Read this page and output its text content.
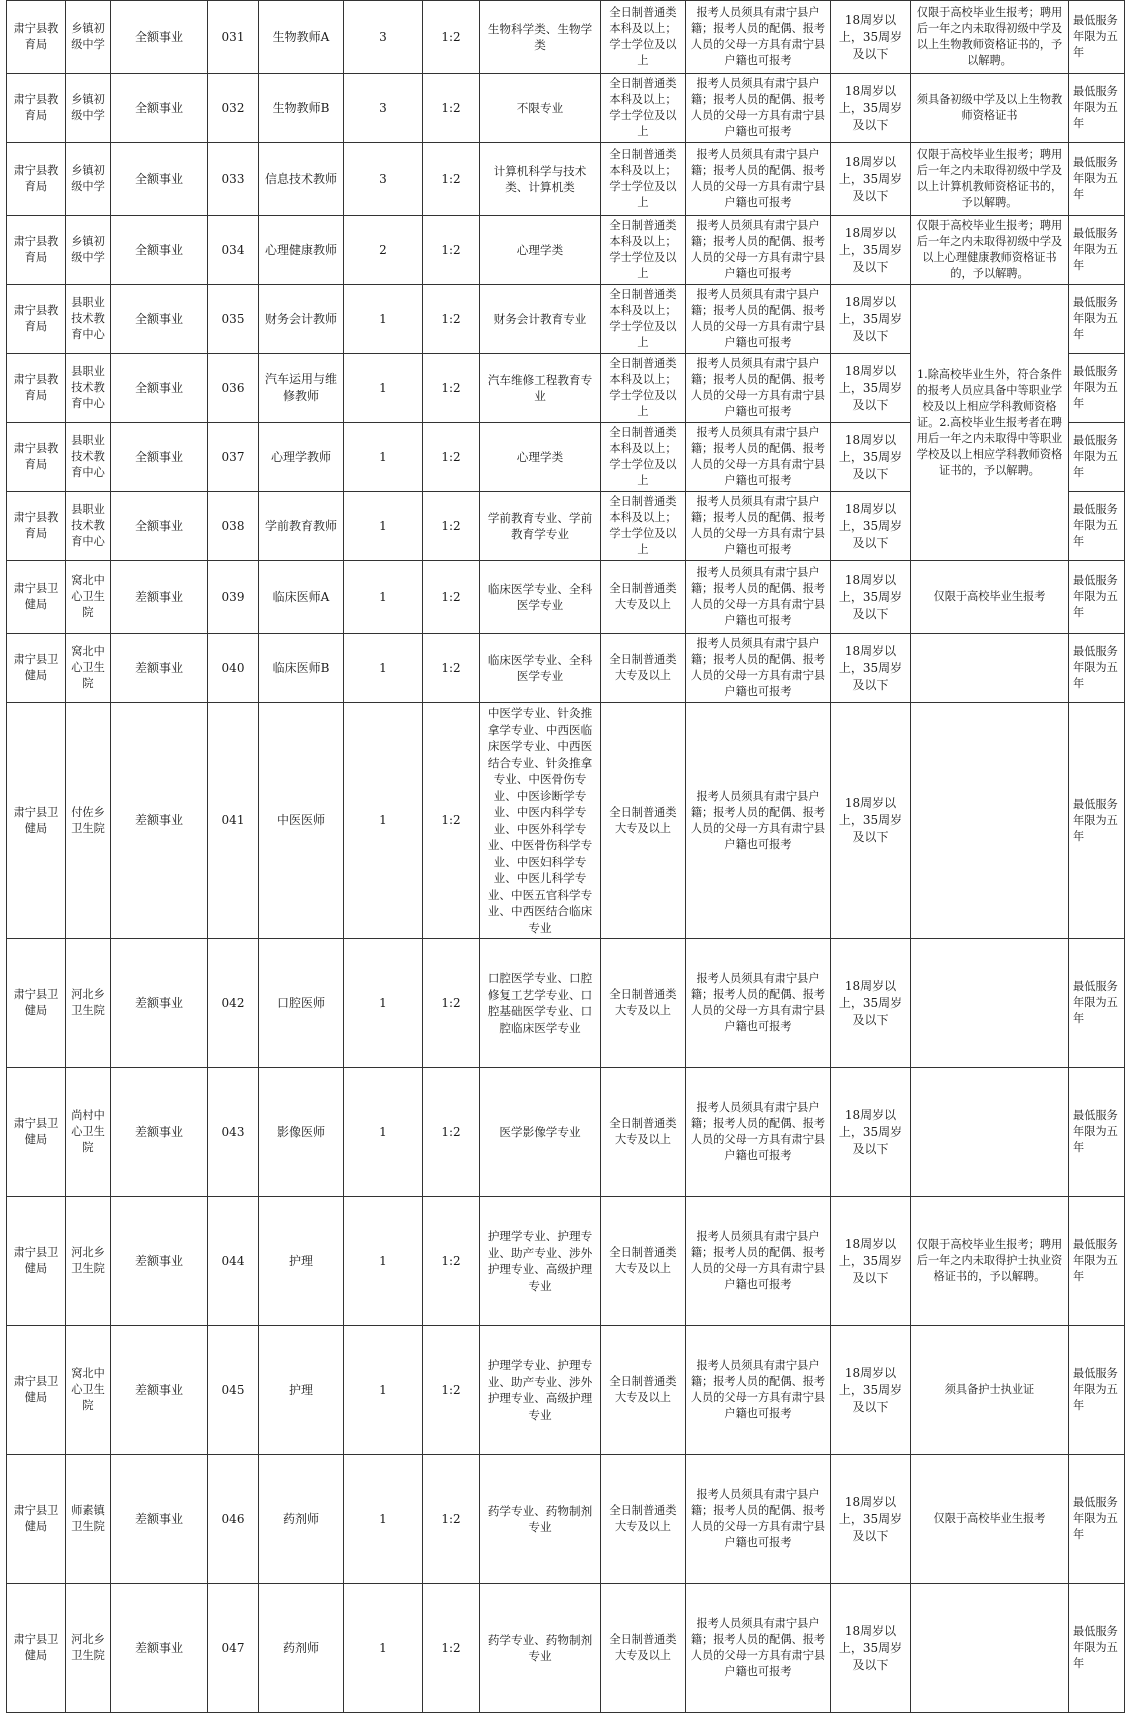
肃宁县教育局	乡镇初级中学	全额事业	031	生物教师A	3	1:2	生物科学类、生物学类	全日制普通类本科及以上；学士学位及以上	报考人员须具有肃宁县户籍；报考人员的配偶、报考人员的父母一方具有肃宁县户籍也可报考	18周岁以上，35周岁及以下	仅限于高校毕业生报考；聘用后一年之内未取得初级中学及以上生物教师资格证书的，予以解聘。	最低服务年限为五年
肃宁县教育局	乡镇初级中学	全额事业	032	生物教师B	3	1:2	不限专业	全日制普通类本科及以上；学士学位及以上	报考人员须具有肃宁县户籍；报考人员的配偶、报考人员的父母一方具有肃宁县户籍也可报考	18周岁以上，35周岁及以下	须具备初级中学及以上生物教师资格证书	最低服务年限为五年
肃宁县教育局	乡镇初级中学	全额事业	033	信息技术教师	3	1:2	计算机科学与技术类、计算机类	全日制普通类本科及以上；学士学位及以上	报考人员须具有肃宁县户籍；报考人员的配偶、报考人员的父母一方具有肃宁县户籍也可报考	18周岁以上，35周岁及以下	仅限于高校毕业生报考；聘用后一年之内未取得初级中学及以上计算机教师资格证书的，予以解聘。	最低服务年限为五年
肃宁县教育局	乡镇初级中学	全额事业	034	心理健康教师	2	1:2	心理学类	全日制普通类本科及以上；学士学位及以上	报考人员须具有肃宁县户籍；报考人员的配偶、报考人员的父母一方具有肃宁县户籍也可报考	18周岁以上，35周岁及以下	仅限于高校毕业生报考；聘用后一年之内未取得初级中学及以上心理健康教师资格证书的，予以解聘。	最低服务年限为五年
肃宁县教育局	县职业技术教育中心	全额事业	035	财务会计教师	1	1:2	财务会计教育专业	全日制普通类本科及以上；学士学位及以上	报考人员须具有肃宁县户籍；报考人员的配偶、报考人员的父母一方具有肃宁县户籍也可报考	18周岁以上，35周岁及以下	1.除高校毕业生外，符合条件的报考人员应具备中等职业学校及以上相应学科教师资格证。2.高校毕业生报考者在聘用后一年之内未取得中等职业学校及以上相应学科教师资格证书的，予以解聘。	最低服务年限为五年
肃宁县教育局	县职业技术教育中心	全额事业	036	汽车运用与维修教师	1	1:2	汽车维修工程教育专业	全日制普通类本科及以上；学士学位及以上	报考人员须具有肃宁县户籍；报考人员的配偶、报考人员的父母一方具有肃宁县户籍也可报考	18周岁以上，35周岁及以下		最低服务年限为五年
肃宁县教育局	县职业技术教育中心	全额事业	037	心理学教师	1	1:2	心理学类	全日制普通类本科及以上；学士学位及以上	报考人员须具有肃宁县户籍；报考人员的配偶、报考人员的父母一方具有肃宁县户籍也可报考	18周岁以上，35周岁及以下		最低服务年限为五年
肃宁县教育局	县职业技术教育中心	全额事业	038	学前教育教师	1	1:2	学前教育专业、学前教育学专业	全日制普通类本科及以上；学士学位及以上	报考人员须具有肃宁县户籍；报考人员的配偶、报考人员的父母一方具有肃宁县户籍也可报考	18周岁以上，35周岁及以下		最低服务年限为五年
肃宁县卫健局	窝北中心卫生院	差额事业	039	临床医师A	1	1:2	临床医学专业、全科医学专业	全日制普通类大专及以上	报考人员须具有肃宁县户籍；报考人员的配偶、报考人员的父母一方具有肃宁县户籍也可报考	18周岁以上，35周岁及以下	仅限于高校毕业生报考	最低服务年限为五年
肃宁县卫健局	窝北中心卫生院	差额事业	040	临床医师B	1	1:2	临床医学专业、全科医学专业	全日制普通类大专及以上	报考人员须具有肃宁县户籍；报考人员的配偶、报考人员的父母一方具有肃宁县户籍也可报考	18周岁以上，35周岁及以下		最低服务年限为五年
肃宁县卫健局	付佐乡卫生院	差额事业	041	中医医师	1	1:2	中医学专业、针灸推拿学专业、中西医临床医学专业、中西医结合专业、针灸推拿专业、中医骨伤专业、中医诊断学专业、中医内科学专业、中医外科学专业、中医骨伤科学专业、中医妇科学专业、中医儿科学专业、中医五官科学专业、中西医结合临床专业	全日制普通类大专及以上	报考人员须具有肃宁县户籍；报考人员的配偶、报考人员的父母一方具有肃宁县户籍也可报考	18周岁以上，35周岁及以下		最低服务年限为五年
肃宁县卫健局	河北乡卫生院	差额事业	042	口腔医师	1	1:2	口腔医学专业、口腔修复工艺学专业、口腔基础医学专业、口腔临床医学专业	全日制普通类大专及以上	报考人员须具有肃宁县户籍；报考人员的配偶、报考人员的父母一方具有肃宁县户籍也可报考	18周岁以上，35周岁及以下		最低服务年限为五年
肃宁县卫健局	尚村中心卫生院	差额事业	043	影像医师	1	1:2	医学影像学专业	全日制普通类大专及以上	报考人员须具有肃宁县户籍；报考人员的配偶、报考人员的父母一方具有肃宁县户籍也可报考	18周岁以上，35周岁及以下		最低服务年限为五年
肃宁县卫健局	河北乡卫生院	差额事业	044	护理	1	1:2	护理学专业、护理专业、助产专业、涉外护理专业、高级护理专业	全日制普通类大专及以上	报考人员须具有肃宁县户籍；报考人员的配偶、报考人员的父母一方具有肃宁县户籍也可报考	18周岁以上，35周岁及以下	仅限于高校毕业生报考；聘用后一年之内未取得护士执业资格证书的，予以解聘。	最低服务年限为五年
肃宁县卫健局	窝北中心卫生院	差额事业	045	护理	1	1:2	护理学专业、护理专业、助产专业、涉外护理专业、高级护理专业	全日制普通类大专及以上	报考人员须具有肃宁县户籍；报考人员的配偶、报考人员的父母一方具有肃宁县户籍也可报考	18周岁以上，35周岁及以下	须具备护士执业证	最低服务年限为五年
肃宁县卫健局	师素镇卫生院	差额事业	046	药剂师	1	1:2	药学专业、药物制剂专业	全日制普通类大专及以上	报考人员须具有肃宁县户籍；报考人员的配偶、报考人员的父母一方具有肃宁县户籍也可报考	18周岁以上，35周岁及以下	仅限于高校毕业生报考	最低服务年限为五年
肃宁县卫健局	河北乡卫生院	差额事业	047	药剂师	1	1:2	药学专业、药物制剂专业	全日制普通类大专及以上	报考人员须具有肃宁县户籍；报考人员的配偶、报考人员的父母一方具有肃宁县户籍也可报考	18周岁以上，35周岁及以下		最低服务年限为五年
